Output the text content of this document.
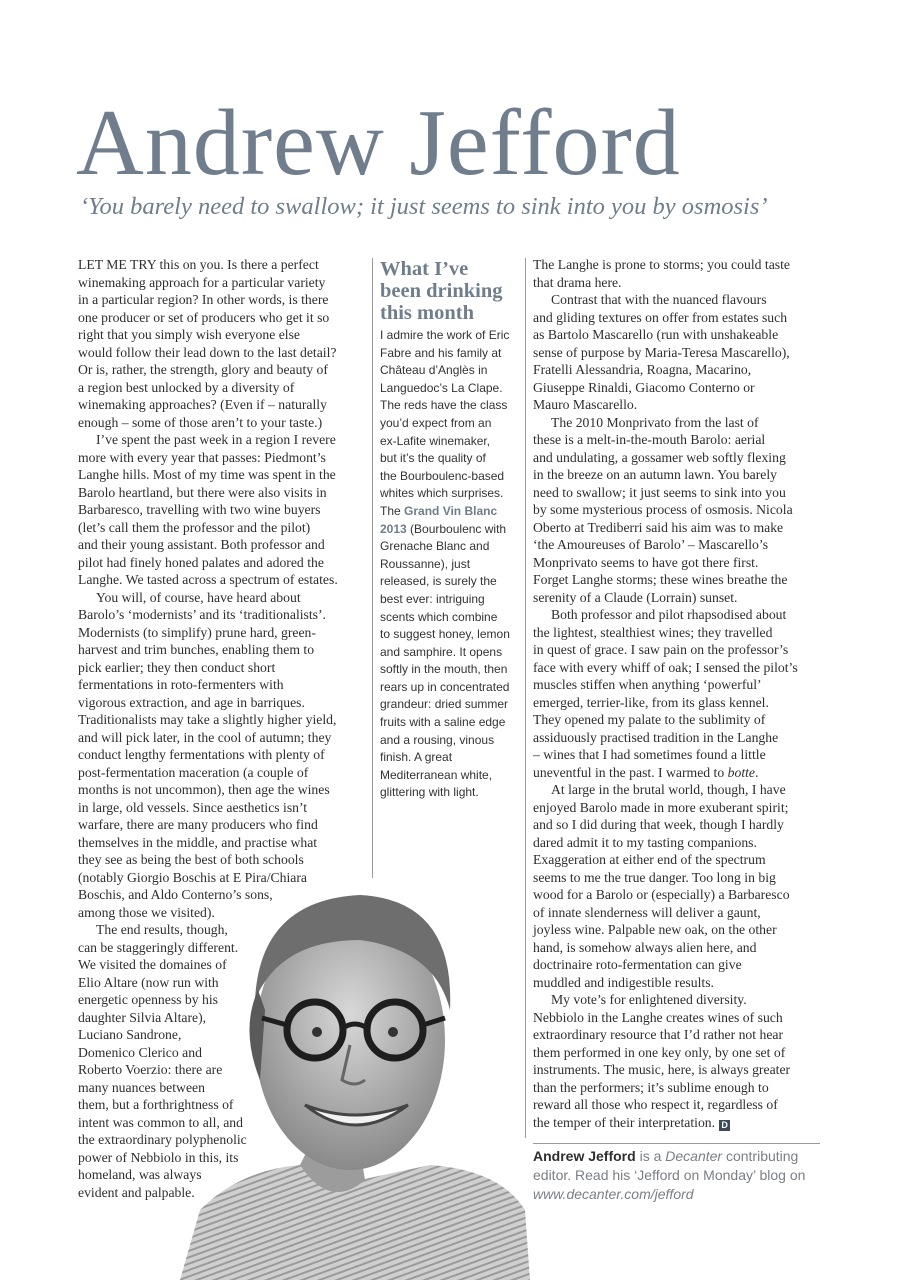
Andrew Jefford
‘You barely need to swallow; it just seems to sink into you by osmosis’
LET ME TRY this on you. Is there a perfect
winemaking approach for a particular variety
in a particular region? In other words, is there
one producer or set of producers who get it so
right that you simply wish everyone else
would follow their lead down to the last detail?
Or is, rather, the strength, glory and beauty of
a region best unlocked by a diversity of
winemaking approaches? (Even if – naturally
enough – some of those aren’t to your taste.)
I’ve spent the past week in a region I revere
more with every year that passes: Piedmont’s
Langhe hills. Most of my time was spent in the
Barolo heartland, but there were also visits in
Barbaresco, travelling with two wine buyers
(let’s call them the professor and the pilot)
and their young assistant. Both professor and
pilot had finely honed palates and adored the
Langhe. We tasted across a spectrum of estates.
You will, of course, have heard about
Barolo’s ‘modernists’ and its ‘traditionalists’.
Modernists (to simplify) prune hard, green-
harvest and trim bunches, enabling them to
pick earlier; they then conduct short
fermentations in roto-fermenters with
vigorous extraction, and age in barriques.
Traditionalists may take a slightly higher yield,
and will pick later, in the cool of autumn; they
conduct lengthy fermentations with plenty of
post-fermentation maceration (a couple of
months is not uncommon), then age the wines
in large, old vessels. Since aesthetics isn’t
warfare, there are many producers who find
themselves in the middle, and practise what
they see as being the best of both schools
(notably Giorgio Boschis at E Pira/Chiara
Boschis, and Aldo Conterno’s sons,
among those we visited).
The end results, though,
can be staggeringly different.
We visited the domaines of
Elio Altare (now run with
energetic openness by his
daughter Silvia Altare),
Luciano Sandrone,
Domenico Clerico and
Roberto Voerzio: there are
many nuances between
them, but a forthrightness of
intent was common to all, and
the extraordinary polyphenolic
power of Nebbiolo in this, its
homeland, was always
evident and palpable.
What I’ve
been drinking
this month
I admire the work of Eric
Fabre and his family at
Château d’Anglès in
Languedoc’s La Clape.
The reds have the class
you’d expect from an
ex-Lafite winemaker,
but it’s the quality of
the Bourboulenc-based
whites which surprises.
The Grand Vin Blanc
2013 (Bourboulenc with
Grenache Blanc and
Roussanne), just
released, is surely the
best ever: intriguing
scents which combine
to suggest honey, lemon
and samphire. It opens
softly in the mouth, then
rears up in concentrated
grandeur: dried summer
fruits with a saline edge
and a rousing, vinous
finish. A great
Mediterranean white,
glittering with light.
The Langhe is prone to storms; you could taste
that drama here.
Contrast that with the nuanced flavours
and gliding textures on offer from estates such
as Bartolo Mascarello (run with unshakeable
sense of purpose by Maria-Teresa Mascarello),
Fratelli Alessandria, Roagna, Macarino,
Giuseppe Rinaldi, Giacomo Conterno or
Mauro Mascarello.
The 2010 Monprivato from the last of
these is a melt-in-the-mouth Barolo: aerial
and undulating, a gossamer web softly flexing
in the breeze on an autumn lawn. You barely
need to swallow; it just seems to sink into you
by some mysterious process of osmosis. Nicola
Oberto at Trediberri said his aim was to make
‘the Amoureuses of Barolo’ – Mascarello’s
Monprivato seems to have got there first.
Forget Langhe storms; these wines breathe the
serenity of a Claude (Lorrain) sunset.
Both professor and pilot rhapsodised about
the lightest, stealthiest wines; they travelled
in quest of grace. I saw pain on the professor’s
face with every whiff of oak; I sensed the pilot’s
muscles stiffen when anything ‘powerful’
emerged, terrier-like, from its glass kennel.
They opened my palate to the sublimity of
assiduously practised tradition in the Langhe
– wines that I had sometimes found a little
uneventful in the past. I warmed to botte.
At large in the brutal world, though, I have
enjoyed Barolo made in more exuberant spirit;
and so I did during that week, though I hardly
dared admit it to my tasting companions.
Exaggeration at either end of the spectrum
seems to me the true danger. Too long in big
wood for a Barolo or (especially) a Barbaresco
of innate slenderness will deliver a gaunt,
joyless wine. Palpable new oak, on the other
hand, is somehow always alien here, and
doctrinaire roto-fermentation can give
muddled and indigestible results.
My vote’s for enlightened diversity.
Nebbiolo in the Langhe creates wines of such
extraordinary resource that I’d rather not hear
them performed in one key only, by one set of
instruments. The music, here, is always greater
than the performers; it’s sublime enough to
reward all those who respect it, regardless of
the temper of their interpretation. D
Andrew Jefford is a Decanter contributing editor. Read his ‘Jefford on Monday’ blog on www.decanter.com/jefford
